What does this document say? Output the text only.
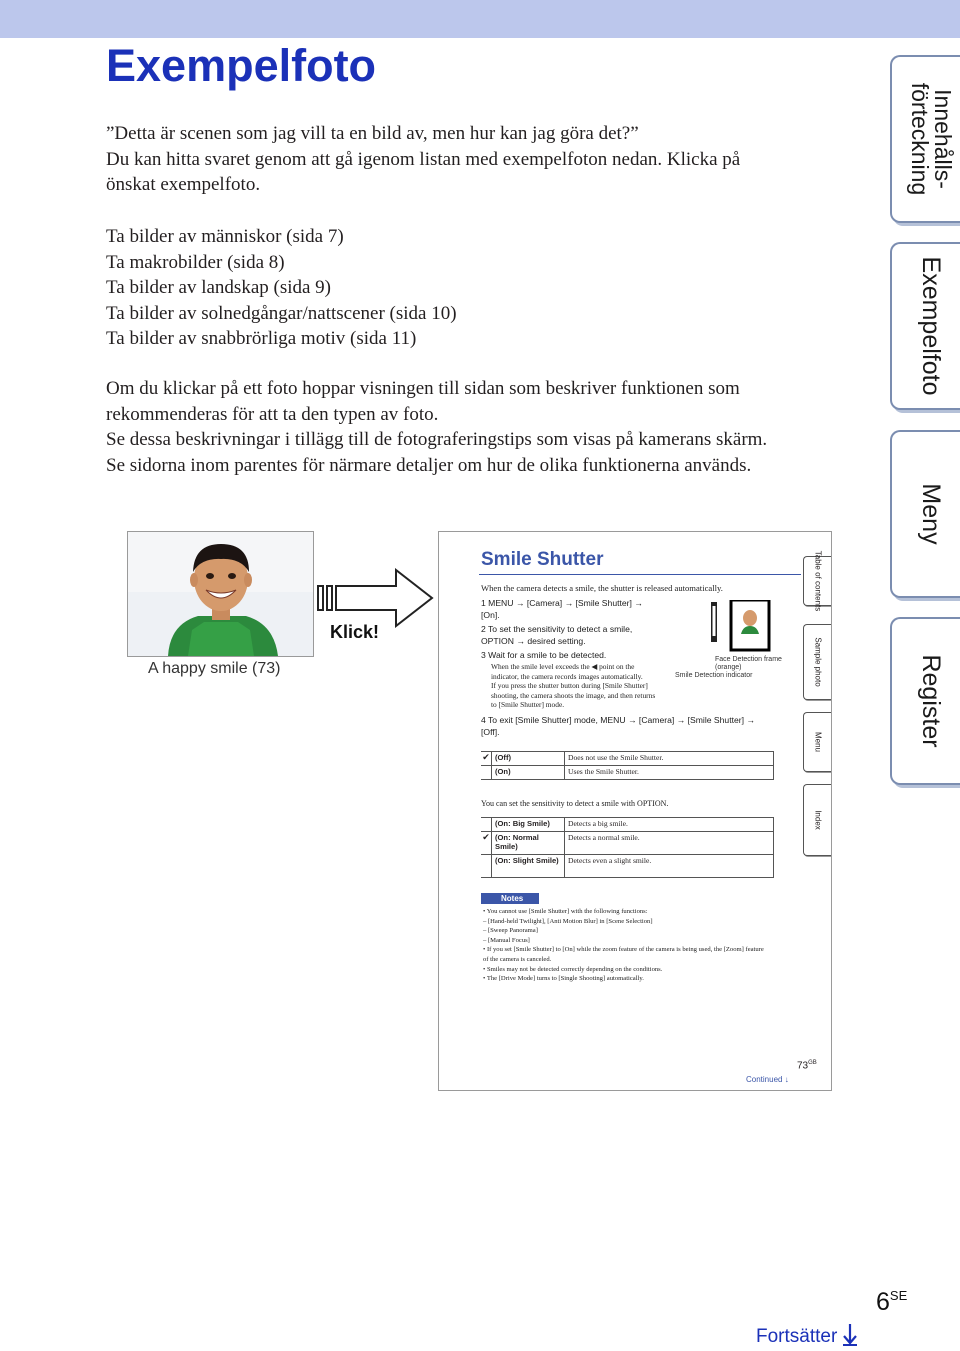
Exempelfoto
”Detta är scenen som jag vill ta en bild av, men hur kan jag göra det?”
Du kan hitta svaret genom att gå igenom listan med exempelfoton nedan. Klicka på
önskat exempelfoto.
Ta bilder av människor (sida 7)
Ta makrobilder (sida 8)
Ta bilder av landskap (sida 9)
Ta bilder av solnedgångar/nattscener (sida 10)
Ta bilder av snabbrörliga motiv (sida 11)
Om du klickar på ett foto hoppar visningen till sidan som beskriver funktionen som
rekommenderas för att ta den typen av foto.
Se dessa beskrivningar i tillägg till de fotograferingstips som visas på kamerans skärm.
Se sidorna inom parentes för närmare detaljer om hur de olika funktionerna används.
Innehålls-
förteckning
Exempelfoto
Meny
Register
A happy smile (73)
Klick!
Smile Shutter
When the camera detects a smile, the shutter is released automatically.
1 MENU → [Camera] → [Smile Shutter] →
[On].
2 To set the sensitivity to detect a smile,
OPTION → desired setting.
3 Wait for a smile to be detected.
When the smile level exceeds the ◀ point on the
indicator, the camera records images automatically.
If you press the shutter button during [Smile Shutter]
shooting, the camera shoots the image, and then returns
to [Smile Shutter] mode.
4 To exit [Smile Shutter] mode, MENU → [Camera] → [Smile Shutter] →
[Off].
Face Detection frame
(orange)
Smile Detection indicator
✔	(Off)	Does not use the Smile Shutter.
	(On)	Uses the Smile Shutter.
You can set the sensitivity to detect a smile with OPTION.
	(On: Big Smile)	Detects a big smile.
✔	(On: Normal Smile)	Detects a normal smile.
	(On: Slight Smile)	Detects even a slight smile.
Notes
• You cannot use [Smile Shutter] with the following functions:
– [Hand-held Twilight], [Anti Motion Blur] in [Scene Selection]
– [Sweep Panorama]
– [Manual Focus]
• If you set [Smile Shutter] to [On] while the zoom feature of the camera is being used, the [Zoom] feature
of the camera is canceled.
• Smiles may not be detected correctly depending on the conditions.
• The [Drive Mode] turns to [Single Shooting] automatically.
Table of contents
Sample photo
Menu
Index
$73^{GB}$
Continued ↓
$6^{SE}$
Fortsätter
